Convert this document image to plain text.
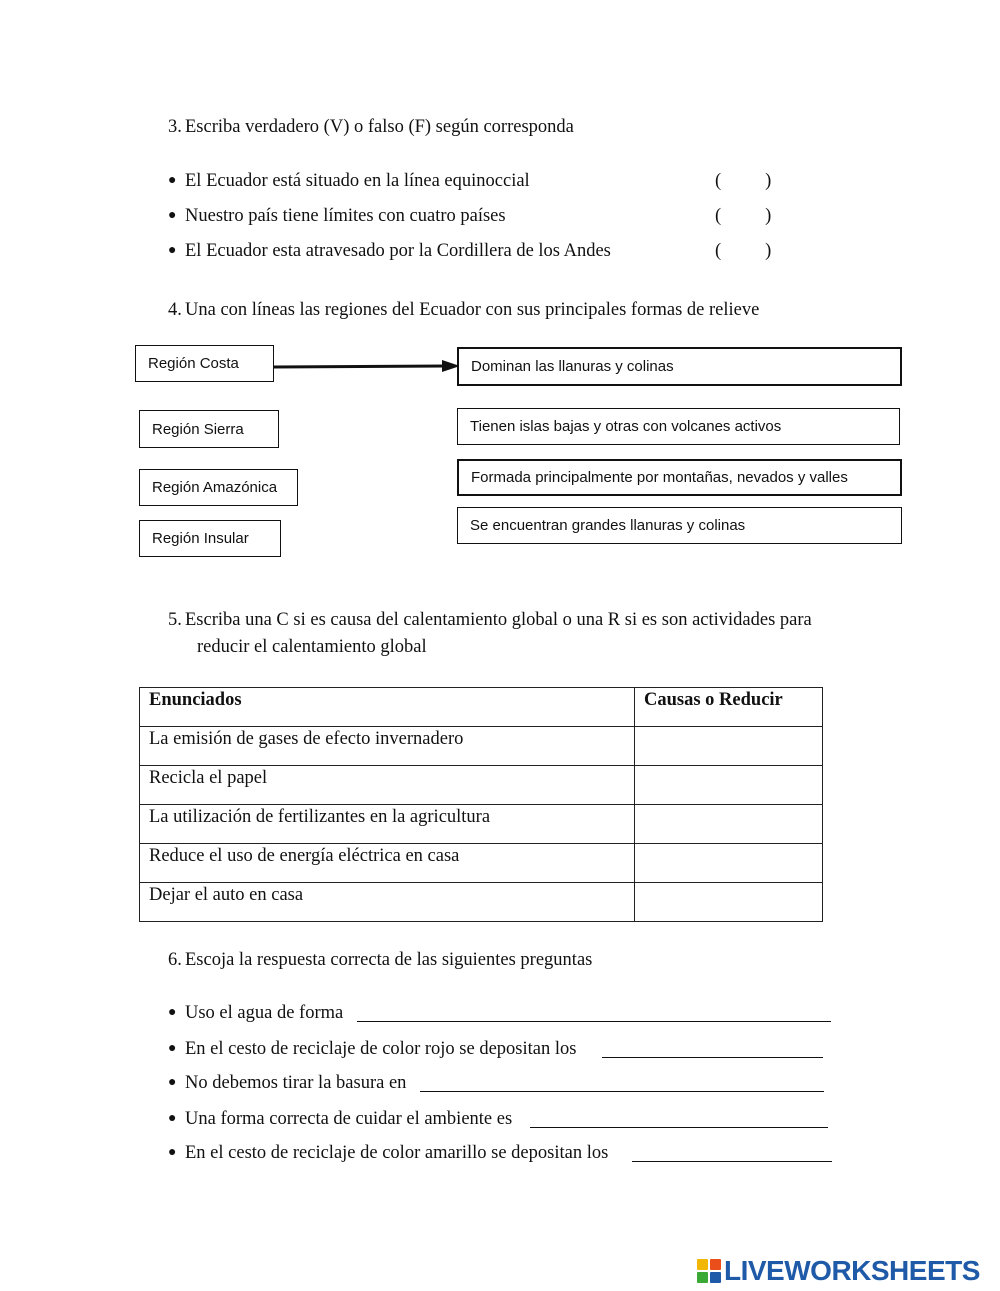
3. Escriba verdadero (V) o falso (F) según corresponda
● El Ecuador está situado en la línea equinoccial	( )
● Nuestro país tiene límites con cuatro países	( )
● El Ecuador esta atravesado por la Cordillera de los Andes	( )
4. Una con líneas las regiones del Ecuador con sus principales formas de relieve
Región Costa
Región Sierra
Región Amazónica
Región Insular
Dominan las llanuras y colinas
Tienen islas bajas y otras con volcanes activos
Formada principalmente por montañas, nevados y valles
Se encuentran grandes llanuras y colinas
5. Escriba una C si es causa del calentamiento global o una R si es son actividades para
reducir el calentamiento global
Enunciados	Causas o Reducir
La emisión de gases de efecto invernadero	
Recicla el papel	
La utilización de fertilizantes en la agricultura	
Reduce el uso de energía eléctrica en casa	
Dejar el auto en casa	
6. Escoja la respuesta correcta de las siguientes preguntas
● Uso el agua de forma
● En el cesto de reciclaje de color rojo se depositan los
● No debemos tirar la basura en
● Una forma correcta de cuidar el ambiente es
● En el cesto de reciclaje de color amarillo se depositan los
LIVEWORKSHEETS
